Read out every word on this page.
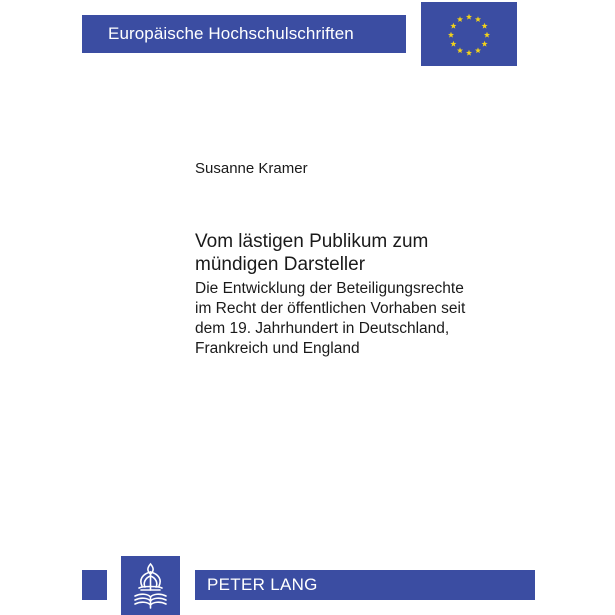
Europäische Hochschulschriften
Susanne Kramer
Vom lästigen Publikum zum
mündigen Darsteller
Die Entwicklung der Beteiligungsrechte
im Recht der öffentlichen Vorhaben seit
dem 19. Jahrhundert in Deutschland,
Frankreich und England
PETER LANG
